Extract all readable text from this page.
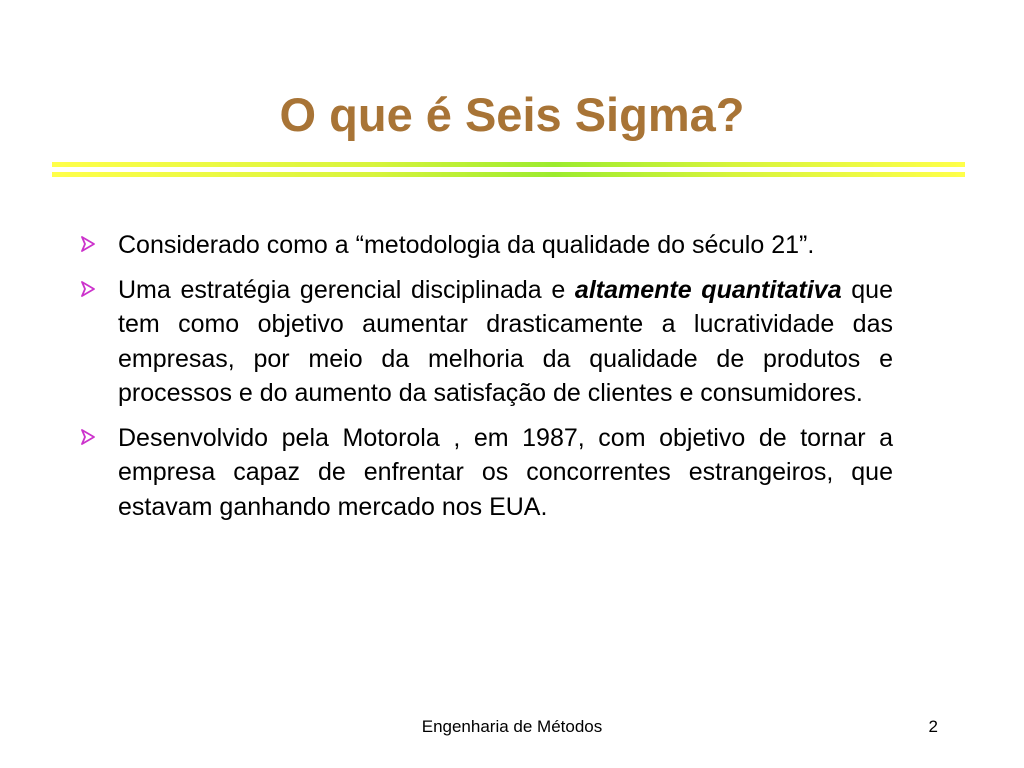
O que é Seis Sigma?
Considerado como a “metodologia da qualidade do século 21”.
Uma estratégia gerencial disciplinada e altamente quantitativa que tem como objetivo aumentar drasticamente a lucratividade das empresas, por meio da melhoria da qualidade de produtos e processos e do aumento da satisfação de clientes e consumidores.
Desenvolvido pela Motorola , em 1987, com objetivo de tornar a empresa capaz de enfrentar os concorrentes estrangeiros, que estavam ganhando mercado nos EUA.
Engenharia de Métodos	2
